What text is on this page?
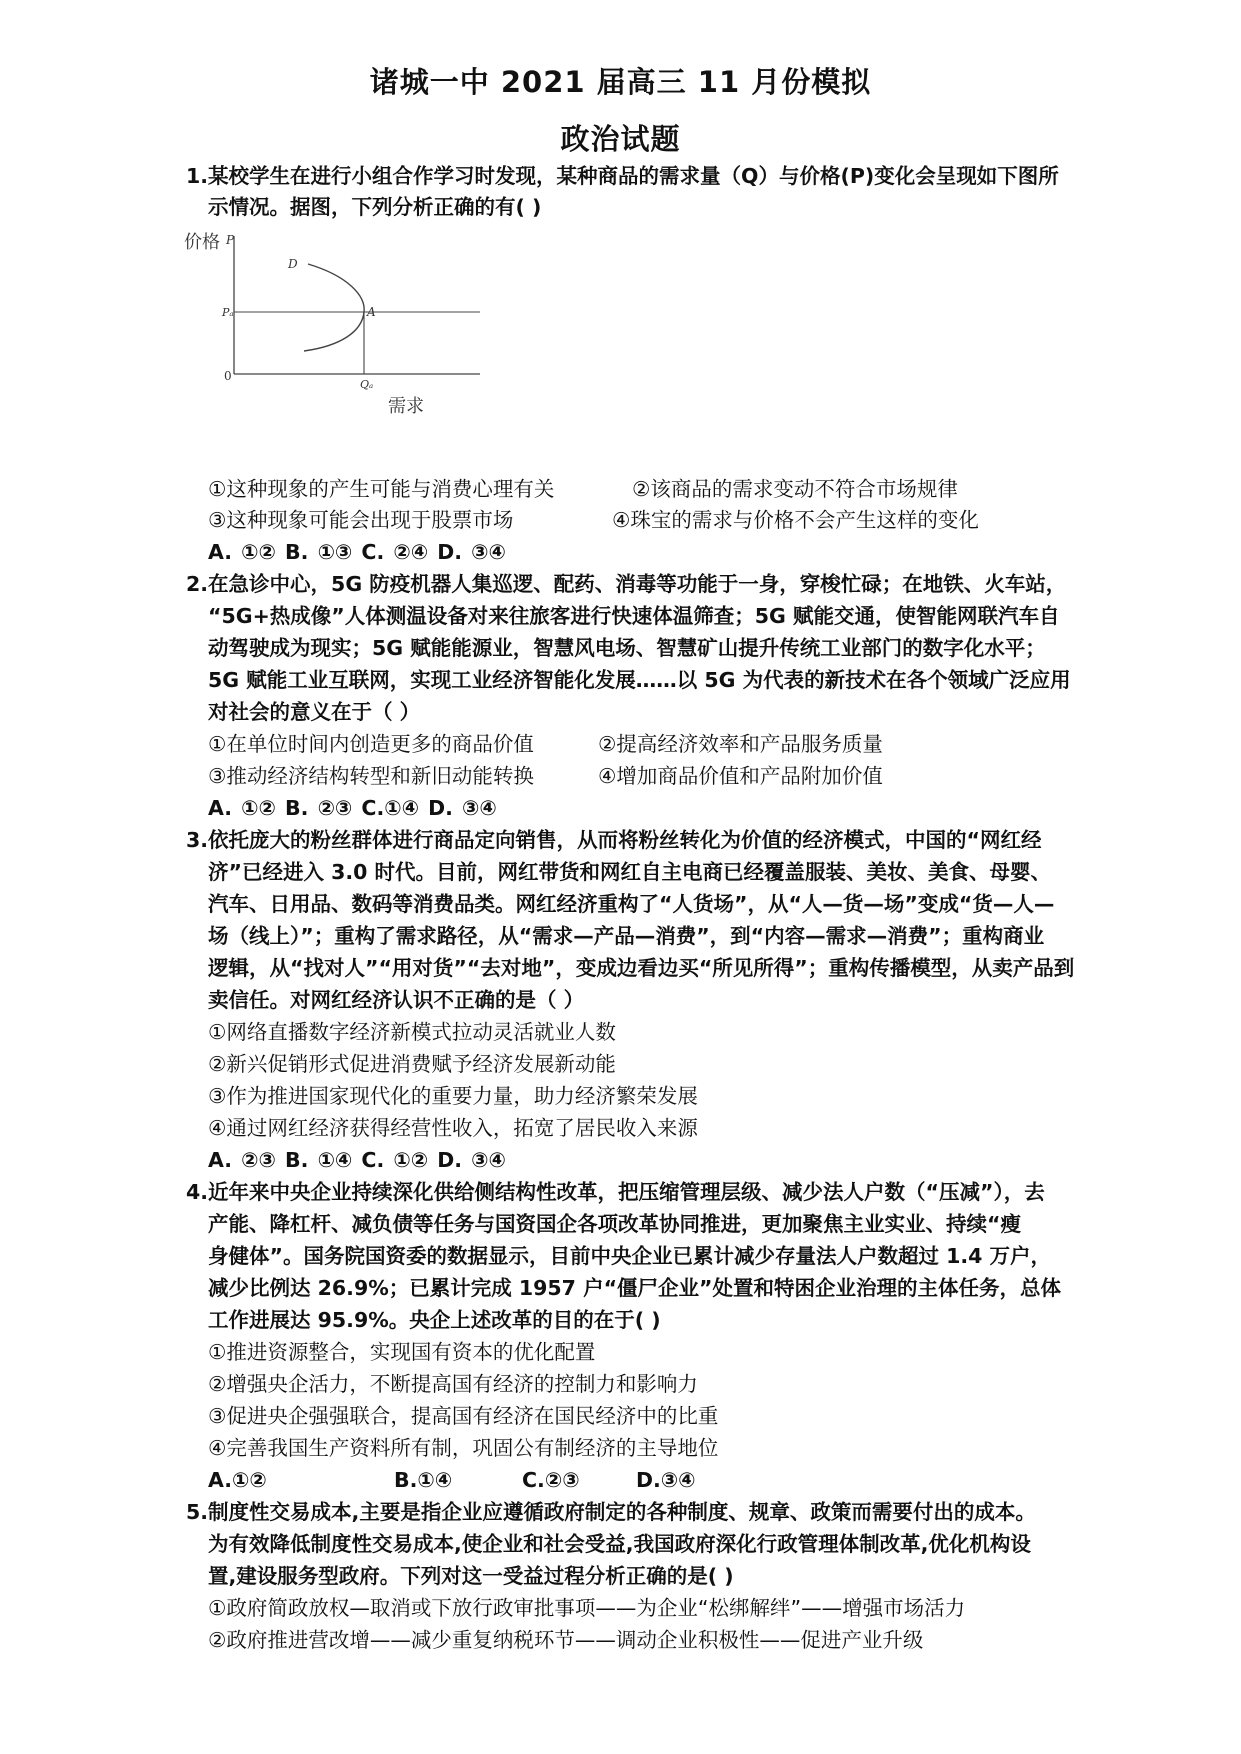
诸城一中 2021 届高三 11 月份模拟
政治试题
1.某校学生在进行小组合作学习时发现，某种商品的需求量（Q）与价格(P)变化会呈现如下图所
示情况。据图，下列分析正确的有( )
价格 P
D
A
Pₐ
0
Qₐ
需求
①这种现象的产生可能与消费心理有关	②该商品的需求变动不符合市场规律
③这种现象可能会出现于股票市场	④珠宝的需求与价格不会产生这样的变化
A. ①② B. ①③ C. ②④ D. ③④
2.在急诊中心，5G 防疫机器人集巡逻、配药、消毒等功能于一身，穿梭忙碌；在地铁、火车站，
“5G+热成像”人体测温设备对来往旅客进行快速体温筛查；5G 赋能交通，使智能网联汽车自
动驾驶成为现实；5G 赋能能源业，智慧风电场、智慧矿山提升传统工业部门的数字化水平；
5G 赋能工业互联网，实现工业经济智能化发展……以 5G 为代表的新技术在各个领域广泛应用
对社会的意义在于（ ）
①在单位时间内创造更多的商品价值	②提高经济效率和产品服务质量
③推动经济结构转型和新旧动能转换	④增加商品价值和产品附加价值
A. ①② B. ②③ C.①④ D. ③④
3.依托庞大的粉丝群体进行商品定向销售，从而将粉丝转化为价值的经济模式，中国的“网红经
济”已经进入 3.0 时代。目前，网红带货和网红自主电商已经覆盖服装、美妆、美食、母婴、
汽车、日用品、数码等消费品类。网红经济重构了“人货场”，从“人—货—场”变成“货—人—
场（线上）”；重构了需求路径，从“需求—产品—消费”，到“内容—需求—消费”；重构商业
逻辑，从“找对人”“用对货”“去对地”，变成边看边买“所见所得”；重构传播模型，从卖产品到
卖信任。对网红经济认识不正确的是（ ）
①网络直播数字经济新模式拉动灵活就业人数
②新兴促销形式促进消费赋予经济发展新动能
③作为推进国家现代化的重要力量，助力经济繁荣发展
④通过网红经济获得经营性收入，拓宽了居民收入来源
A. ②③ B. ①④ C. ①② D. ③④
4.近年来中央企业持续深化供给侧结构性改革，把压缩管理层级、减少法人户数（“压减”），去
产能、降杠杆、减负债等任务与国资国企各项改革协同推进，更加聚焦主业实业、持续“瘦
身健体”。国务院国资委的数据显示，目前中央企业已累计减少存量法人户数超过 1.4 万户，
减少比例达 26.9%；已累计完成 1957 户“僵尸企业”处置和特困企业治理的主体任务，总体
工作进展达 95.9%。央企上述改革的目的在于( )
①推进资源整合，实现国有资本的优化配置
②增强央企活力，不断提高国有经济的控制力和影响力
③促进央企强强联合，提高国有经济在国民经济中的比重
④完善我国生产资料所有制，巩固公有制经济的主导地位
A.①②	B.①④	C.②③	D.③④
5.制度性交易成本,主要是指企业应遵循政府制定的各种制度、规章、政策而需要付出的成本。
为有效降低制度性交易成本,使企业和社会受益,我国政府深化行政管理体制改革,优化机构设
置,建设服务型政府。下列对这一受益过程分析正确的是( )
①政府简政放权—取消或下放行政审批事项——为企业“松绑解绊”——增强市场活力
②政府推进营改增——减少重复纳税环节——调动企业积极性——促进产业升级
